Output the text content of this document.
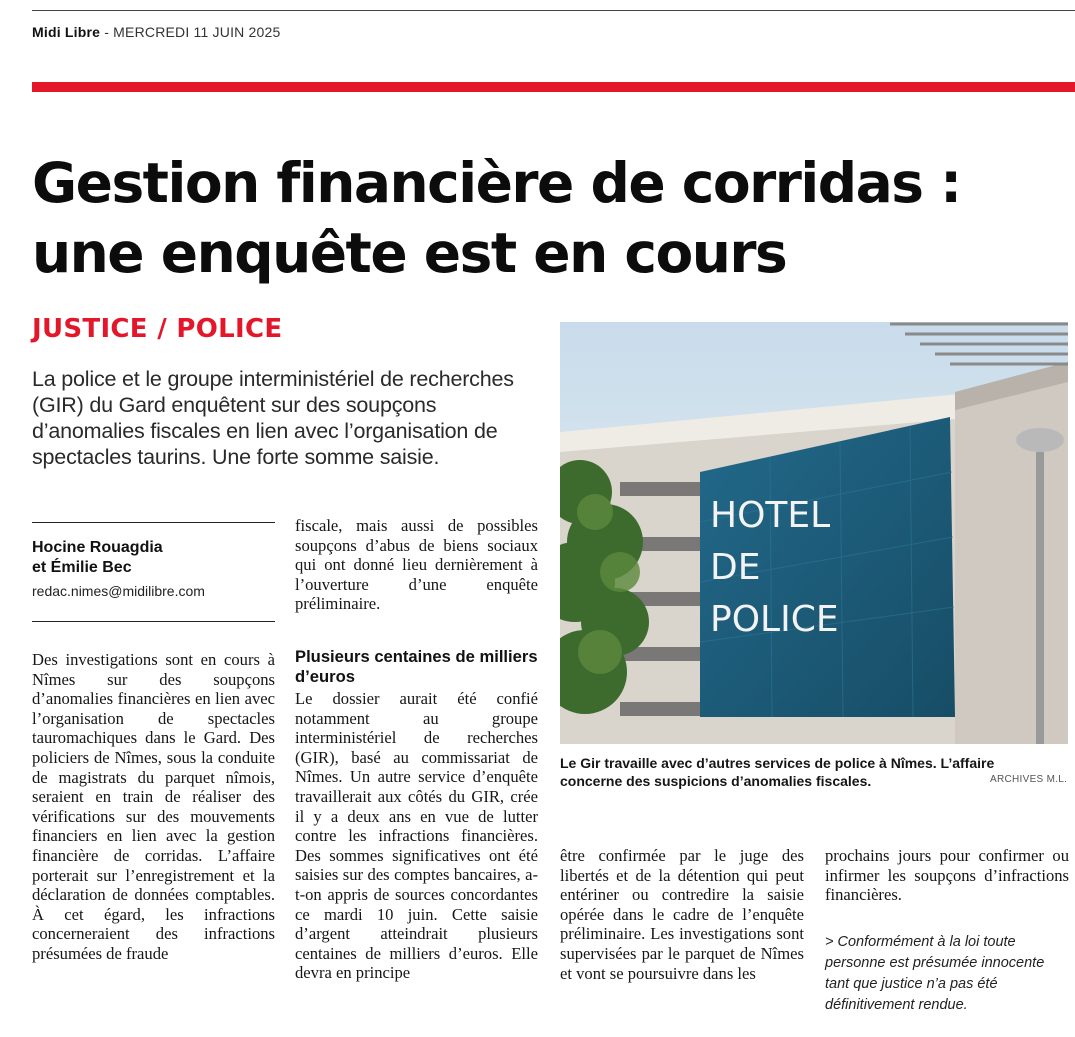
Midi Libre - MERCREDI 11 JUIN 2025
Gestion financière de corridas :
une enquête est en cours
JUSTICE / POLICE
La police et le groupe interministériel de recherches (GIR) du Gard enquêtent sur des soupçons d’anomalies fiscales en lien avec l’organisation de spectacles taurins. Une forte somme saisie.
Hocine Rouagdia
et Émilie Bec
redac.nimes@midilibre.com

Des investigations sont en cours à Nîmes sur des soupçons d’anomalies financières en lien avec l’organisation de spectacles tauromachiques dans le Gard. Des policiers de Nîmes, sous la conduite de magistrats du parquet nîmois, seraient en train de réaliser des vérifications sur des mouvements financiers en lien avec la gestion financière de corridas. L’affaire porterait sur l’enregistrement et la déclaration de données comptables. À cet égard, les infractions concerneraient des infractions présumées de fraude

fiscale, mais aussi de possibles soupçons d’abus de biens sociaux qui ont donné lieu dernièrement à l’ouverture d’une enquête préliminaire.

Plusieurs centaines de milliers d’euros

Le dossier aurait été confié notamment au groupe interministériel de recherches (GIR), basé au commissariat de Nîmes. Un autre service d’enquête travaillerait aux côtés du GIR, crée il y a deux ans en vue de lutter contre les infractions financières. Des sommes significatives ont été saisies sur des comptes bancaires, a-t-on appris de sources concordantes ce mardi 10 juin. Cette saisie d’argent atteindrait plusieurs centaines de milliers d’euros. Elle devra en principe

être confirmée par le juge des libertés et de la détention qui peut entériner ou contredire la saisie opérée dans le cadre de l’enquête préliminaire. Les investigations sont supervisées par le parquet de Nîmes et vont se poursuivre dans les

prochains jours pour confirmer ou infirmer les soupçons d’infractions financières.

> Conformément à la loi toute personne est présumée innocente tant que justice n’a pas été définitivement rendue.
HOTEL
DE
POLICE
Le Gir travaille avec d’autres services de police à Nîmes. L’affaire concerne des suspicions d’anomalies fiscales.	ARCHIVES M.L.
